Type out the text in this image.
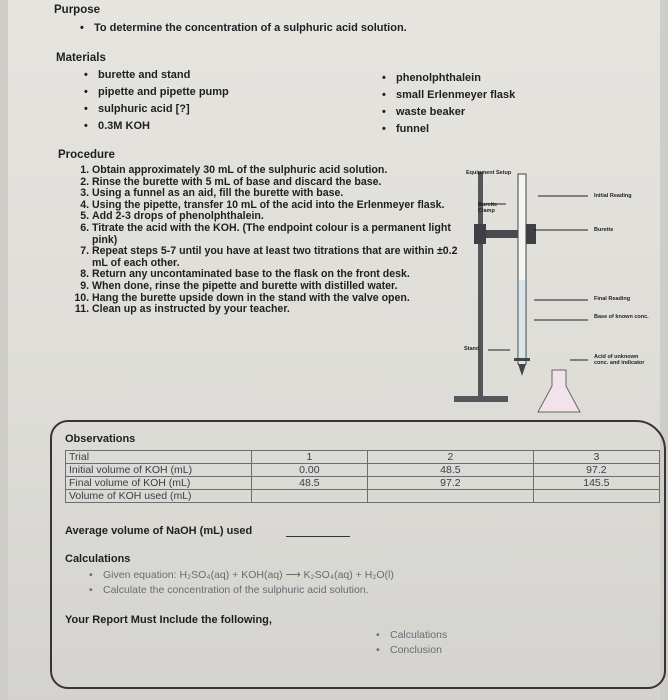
Purpose
• To determine the concentration of a sulphuric acid solution.
Materials
• burette and stand
• pipette and pipette pump
• sulphuric acid [?]
• 0.3M KOH
• phenolphthalein
• small Erlenmeyer flask
• waste beaker
• funnel
Procedure
1. Obtain approximately 30 mL of the sulphuric acid solution.
2. Rinse the burette with 5 mL of base and discard the base.
3. Using a funnel as an aid, fill the burette with base.
4. Using the pipette, transfer 10 mL of the acid into the Erlenmeyer flask.
5. Add 2-3 drops of phenolphthalein.
6. Titrate the acid with the KOH. (The endpoint colour is a permanent light pink)
7. Repeat steps 5-7 until you have at least two titrations that are within ±0.2 mL of each other.
8. Return any uncontaminated base to the flask on the front desk.
9. When done, rinse the pipette and burette with distilled water.
10. Hang the burette upside down in the stand with the valve open.
11. Clean up as instructed by your teacher.
Equipment Setup
Burette Clamp
Initial Reading
Burette
Final Reading
Base of known conc.
Acid of unknown conc. and indicator
Stand
Observations
Trial	1	2	3
Initial volume of KOH (mL)	0.00	48.5	97.2
Final volume of KOH (mL)	48.5	97.2	145.5
Volume of KOH used (mL)			
Average volume of NaOH (mL) used
Calculations
• Given equation: H₂SO₄(aq) + KOH(aq) ⟶ K₂SO₄(aq) + H₂O(l)
• Calculate the concentration of the sulphuric acid solution.
Your Report Must Include the following,
• Calculations
• Conclusion
